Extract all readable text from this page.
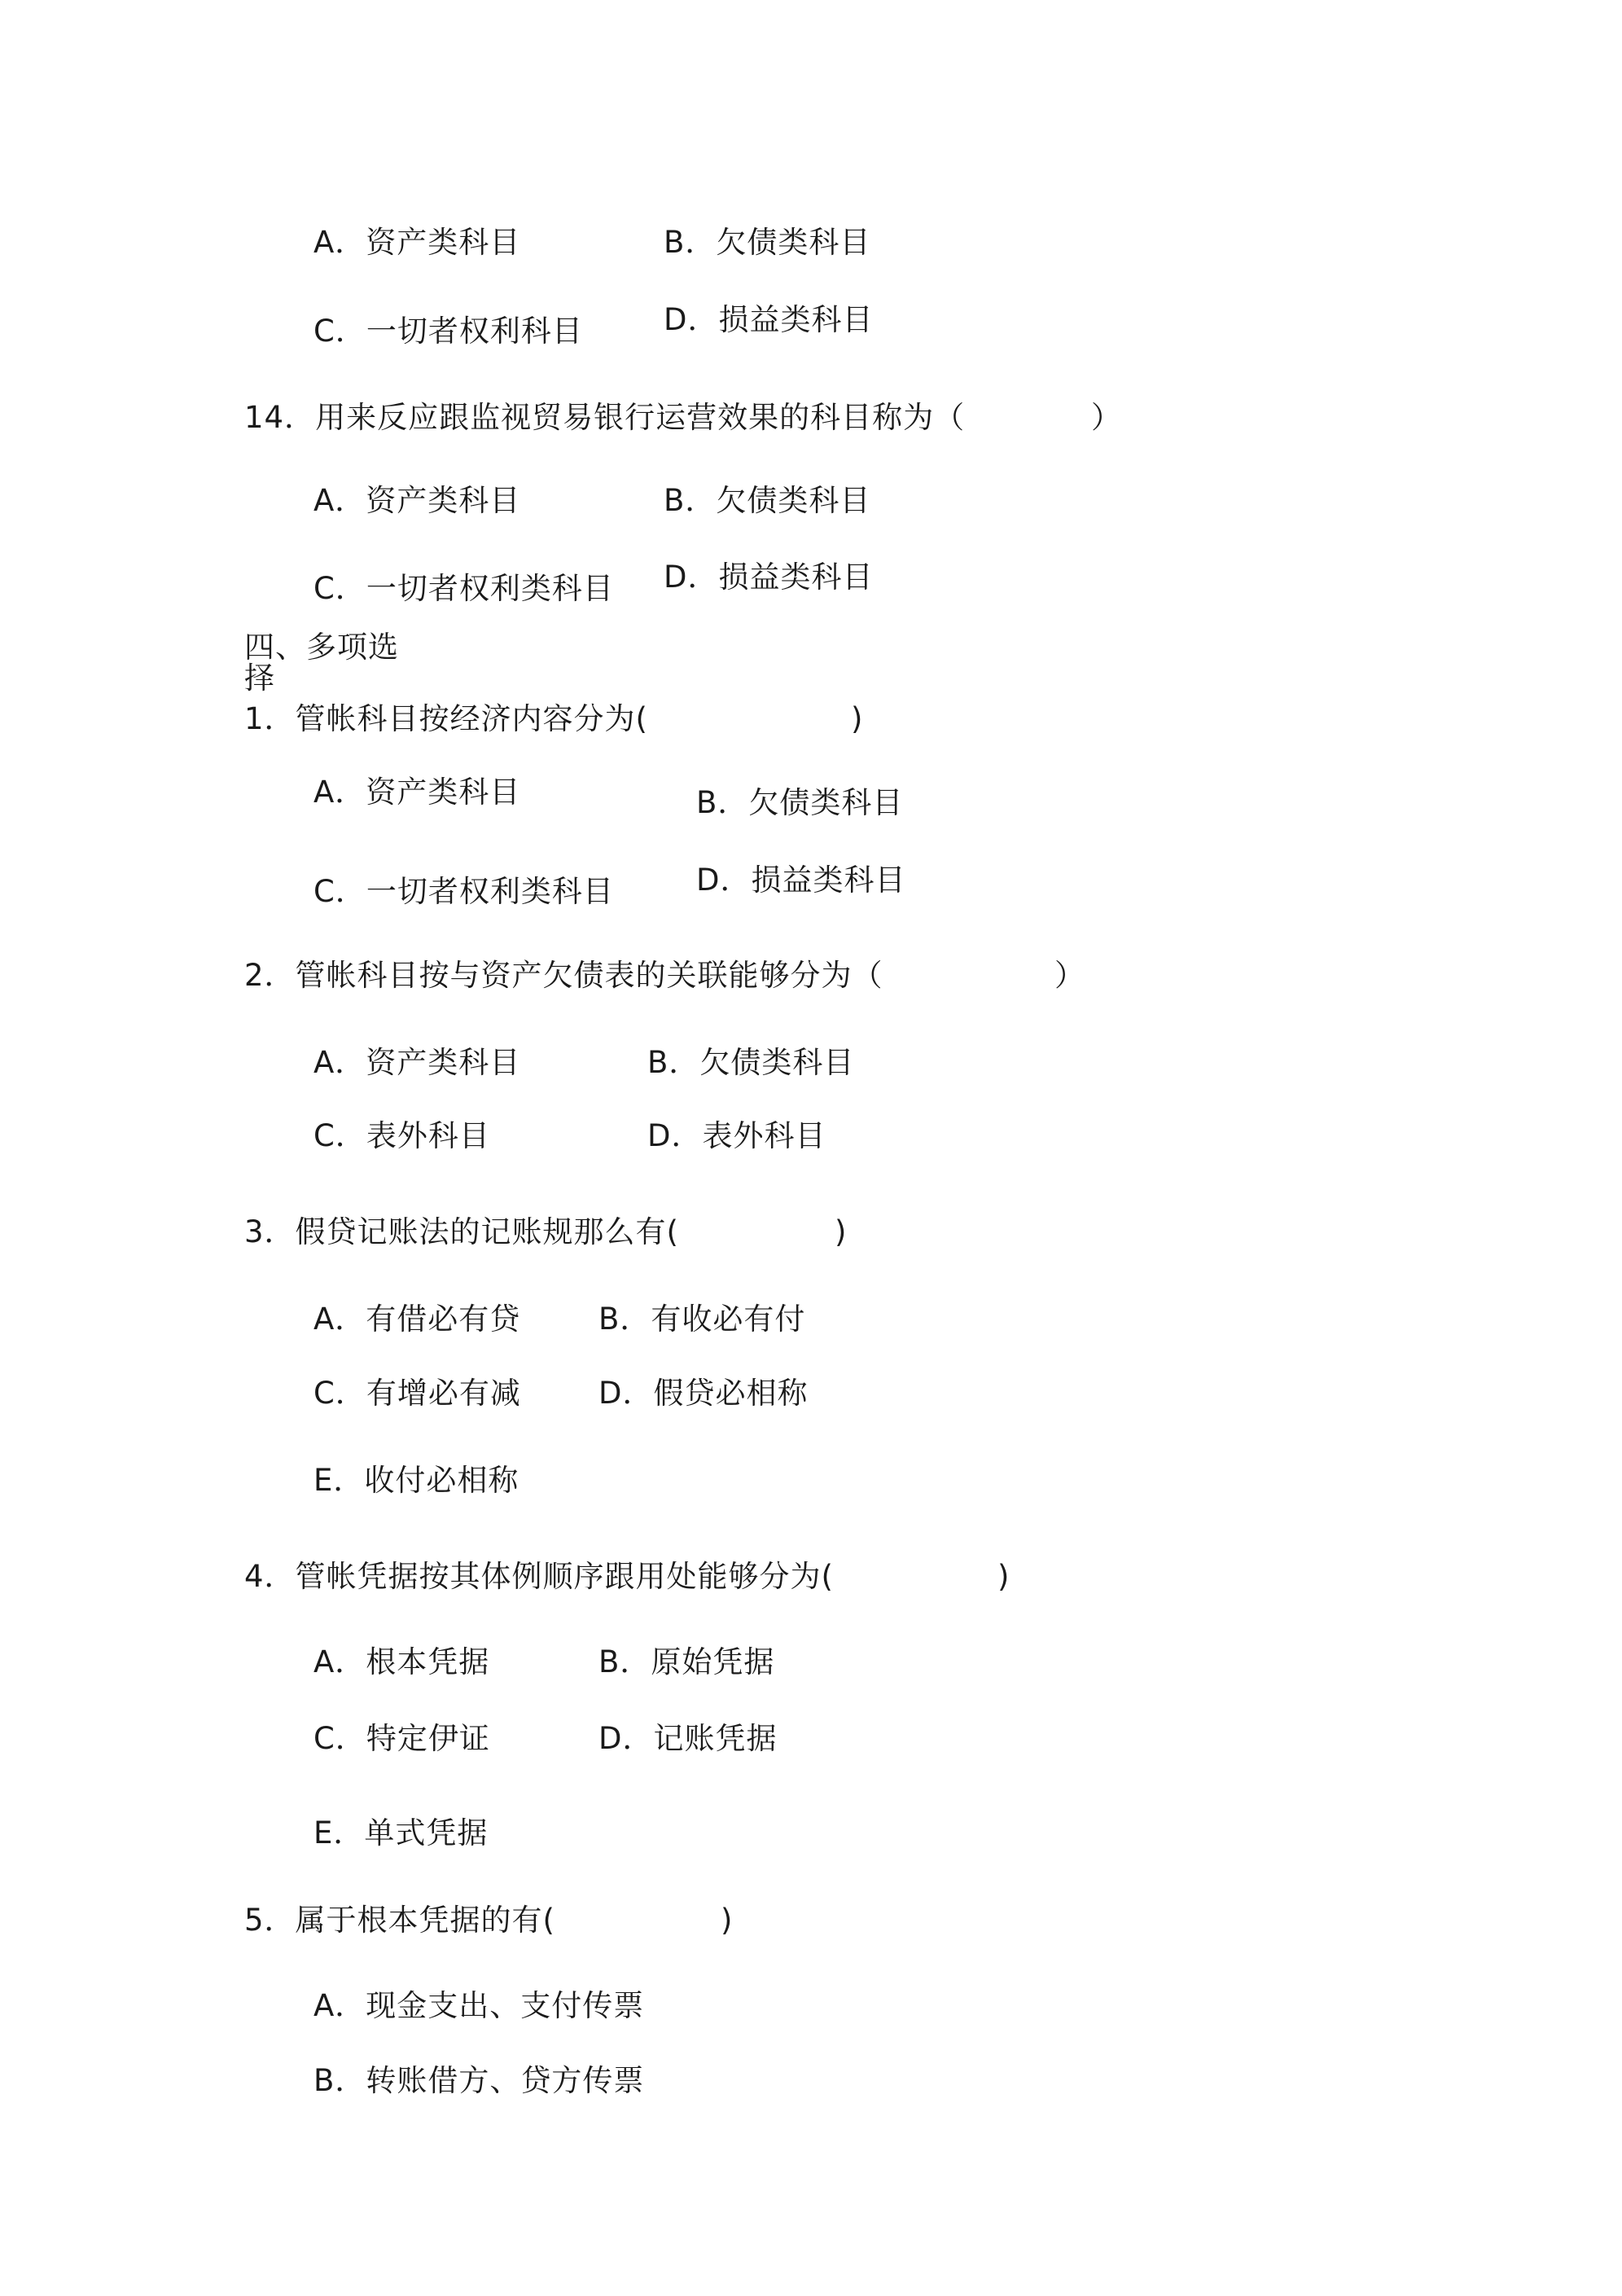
A．资产类科目	B．欠债类科目
C．一切者权利科目	D．损益类科目
14．用来反应跟监视贸易银行运营效果的科目称为（	）
A．资产类科目	B．欠债类科目
C．一切者权利类科目 D．损益类科目
1．管帐科目按经济内容分为(	)
A．资产类科目	B．欠债类科目
C．一切者权利类科目	D．损益类科目
2．管帐科目按与资产欠债表的关联能够分为（	）
A．资产类科目	B．欠债类科目
C．表外科目	D．表外科目
3．假贷记账法的记账规那么有(	)
A．有借必有贷	B．有收必有付
C．有增必有减	D．假贷必相称
E．收付必相称
4．管帐凭据按其体例顺序跟用处能够分为(	)
A．根本凭据	B．原始凭据
C．特定伊证	D．记账凭据
E．单式凭据
5．属于根本凭据的有(	)
A．现金支出、支付传票
B．转账借方、贷方传票
四、多项选择
